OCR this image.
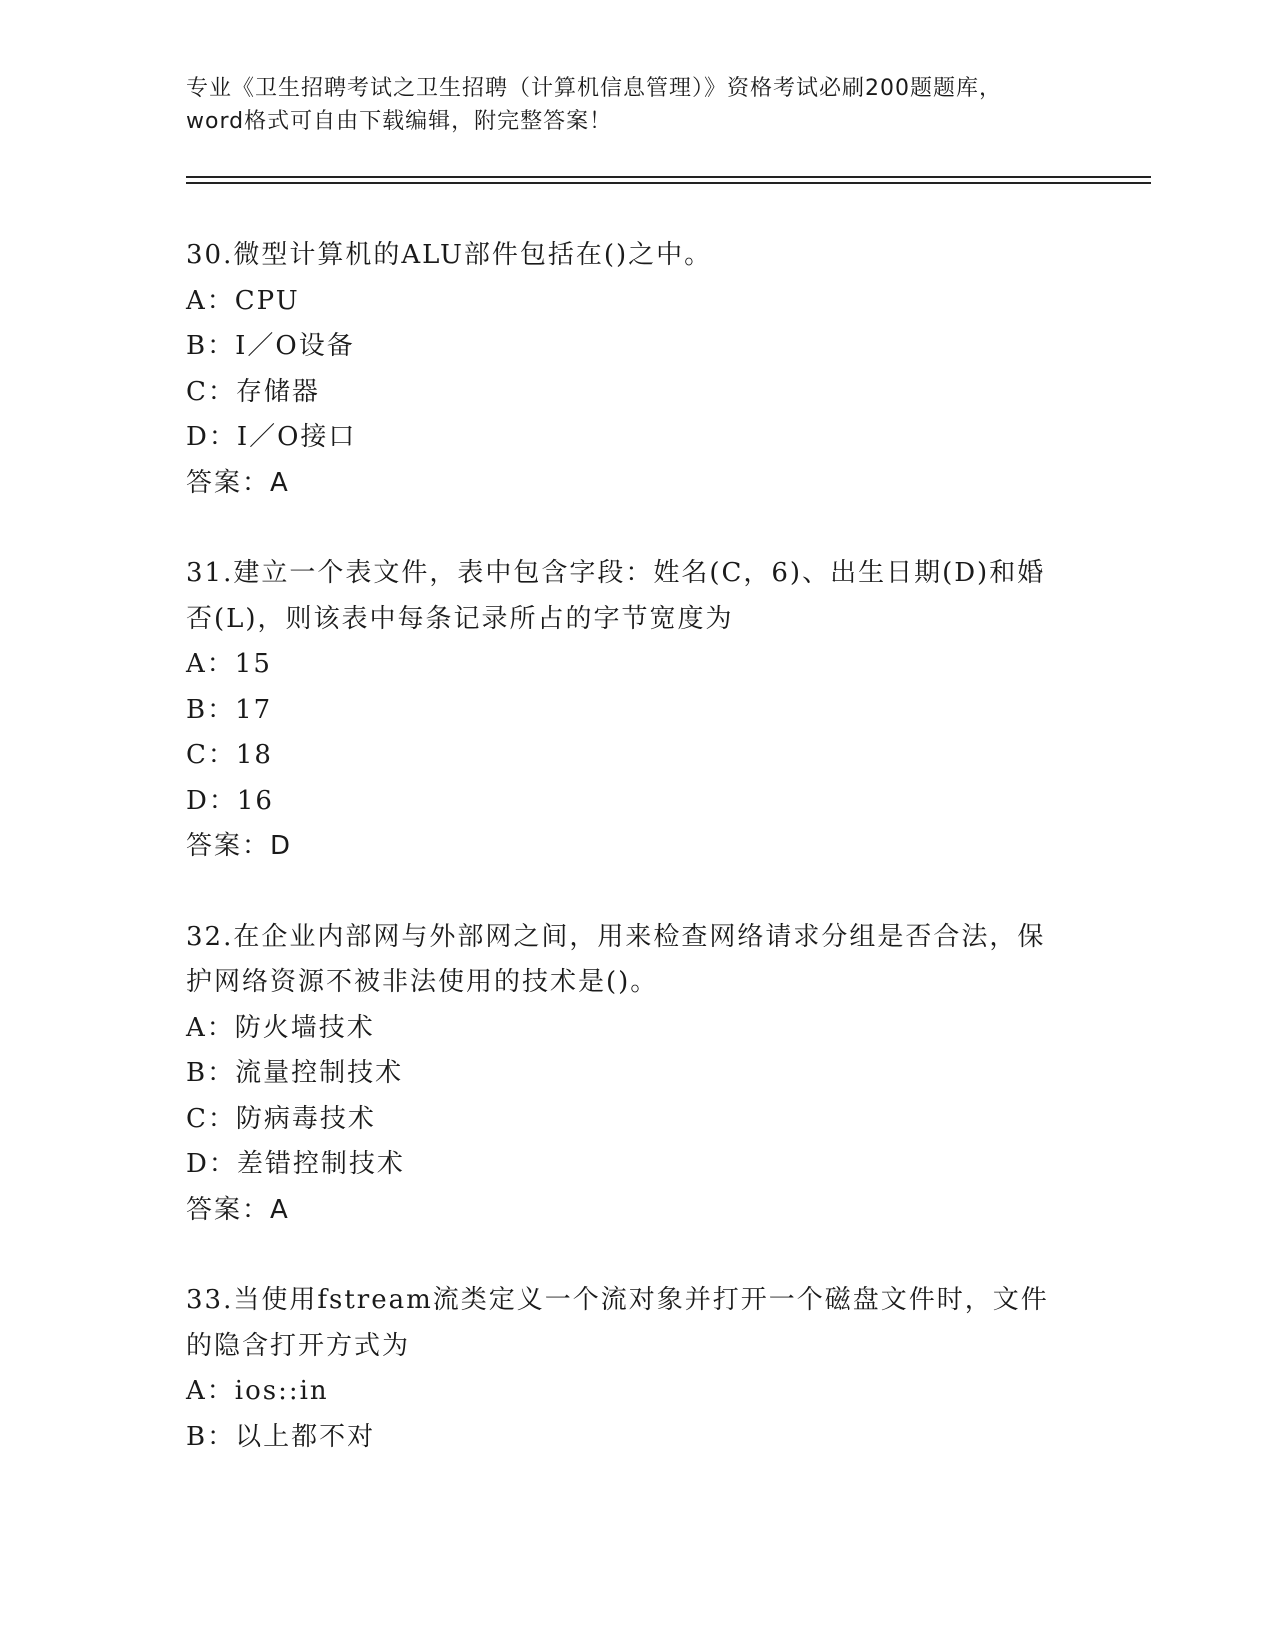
专业《卫生招聘考试之卫生招聘（计算机信息管理）》资格考试必刷200题题库，
word格式可自由下载编辑，附完整答案！
30.微型计算机的ALU部件包括在()之中。
A：CPU
B：I／O设备
C：存储器
D：I／O接口
答案：A
31.建立一个表文件，表中包含字段：姓名(C，6)、出生日期(D)和婚
否(L)，则该表中每条记录所占的字节宽度为
A：15
B：17
C：18
D：16
答案：D
32.在企业内部网与外部网之间，用来检查网络请求分组是否合法，保
护网络资源不被非法使用的技术是()。
A：防火墙技术
B：流量控制技术
C：防病毒技术
D：差错控制技术
答案：A
33.当使用fstream流类定义一个流对象并打开一个磁盘文件时，文件
的隐含打开方式为
A：ios::in
B：以上都不对
